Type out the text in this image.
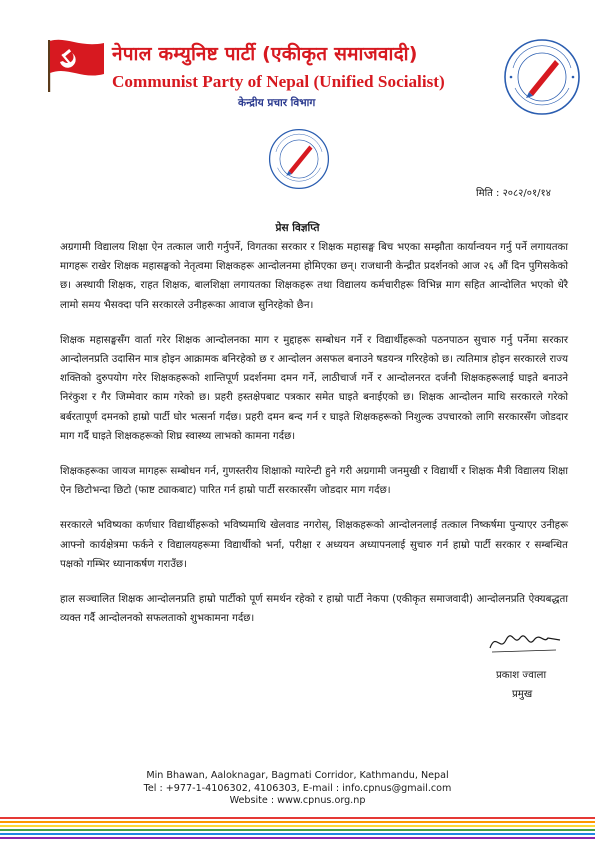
नेपाल कम्युनिष्ट पार्टी (एकीकृत समाजवादी)
Communist Party of Nepal (Unified Socialist)
केन्द्रीय प्रचार विभाग
मिति : २०८२/०१/१४
प्रेस विज्ञप्ति

अग्रगामी विद्यालय शिक्षा ऐन तत्काल जारी गर्नुपर्ने, विगतका सरकार र शिक्षक महासङ्घ बिच भएका सम्झौता कार्यान्वयन गर्नु पर्ने लगायतका मागहरू राखेर शिक्षक महासङ्घको नेतृत्वमा शिक्षकहरू आन्दोलनमा होमिएका छन्। राजधानी केन्द्रीत प्रदर्शनको आज २६ औं दिन पुगिसकेको छ। अस्थायी शिक्षक, राहत शिक्षक, बालशिक्षा लगायतका शिक्षकहरू तथा विद्यालय कर्मचारीहरू विभिन्न माग सहित आन्दोलित भएको धेरै लामो समय भैसक्दा पनि सरकारले उनीहरूका आवाज सुनिरहेको छैन।

शिक्षक महासङ्घसँग वार्ता गरेर शिक्षक आन्दोलनका माग र मुद्दाहरू सम्बोधन गर्ने र विद्यार्थीहरूको पठनपाठन सुचारु गर्नु पर्नेमा सरकार आन्दोलनप्रति उदासिन मात्र होइन आक्रामक बनिरहेको छ र आन्दोलन असफल बनाउने षडयन्त्र गरिरहेको छ। त्यतिमात्र होइन सरकारले राज्य शक्तिको दुरुपयोग गरेर शिक्षकहरूको शान्तिपूर्ण प्रदर्शनमा दमन गर्ने, लाठीचार्ज गर्ने र आन्दोलनरत दर्जनौ शिक्षकहरूलाई घाइते बनाउने निरंकुश र गैर जिम्मेवार काम गरेको छ। प्रहरी हस्तक्षेपबाट पत्रकार समेत घाइते बनाईएको छ। शिक्षक आन्दोलन माथि सरकारले गरेको बर्बरतापूर्ण दमनको हाम्रो पार्टी घोर भत्सर्ना गर्दछ। प्रहरी दमन बन्द गर्न र घाइते शिक्षकहरूको निशुल्क उपचारको लागि सरकारसँग जोडदार माग गर्दै घाइते शिक्षकहरूको शिघ्र स्वास्थ्य लाभको कामना गर्दछ।

शिक्षकहरूका जायज मागहरू सम्बोधन गर्न, गुणस्तरीय शिक्षाको ग्यारेन्टी हुने गरी अग्रगामी जनमुखी र विद्यार्थी र शिक्षक मैत्री विद्यालय शिक्षा ऐन छिटोभन्दा छिटो (फाष्ट ट्याकबाट) पारित गर्न हाम्रो पार्टी सरकारसँग जोडदार माग गर्दछ।

सरकारले भविष्यका कर्णधार विद्यार्थीहरूको भविष्यमाथि खेलवाड नगरोस्, शिक्षकहरूको आन्दोलनलाई तत्काल निष्कर्षमा पुन्याएर उनीहरू आफ्नो कार्यक्षेत्रमा फर्कने र विद्यालयहरूमा विद्यार्थीको भर्ना, परीक्षा र अध्ययन अध्यापनलाई सुचारु गर्न हाम्रो पार्टी सरकार र सम्बन्धित पक्षको गम्भिर ध्यानाकर्षण गराउँछ।

हाल सञ्चालित शिक्षक आन्दोलनप्रति हाम्रो पार्टीको पूर्ण समर्थन रहेको र हाम्रो पार्टी नेकपा (एकीकृत समाजवादी) आन्दोलनप्रति ऐक्यबद्धता व्यक्त गर्दै आन्दोलनको सफलताको शुभकामना गर्दछ।

प्रकाश ज्वाला
प्रमुख
Min Bhawan, Aaloknagar, Bagmati Corridor, Kathmandu, Nepal
Tel : +977-1-4106302, 4106303, E-mail : info.cpnus@gmail.com
Website : www.cpnus.org.np
